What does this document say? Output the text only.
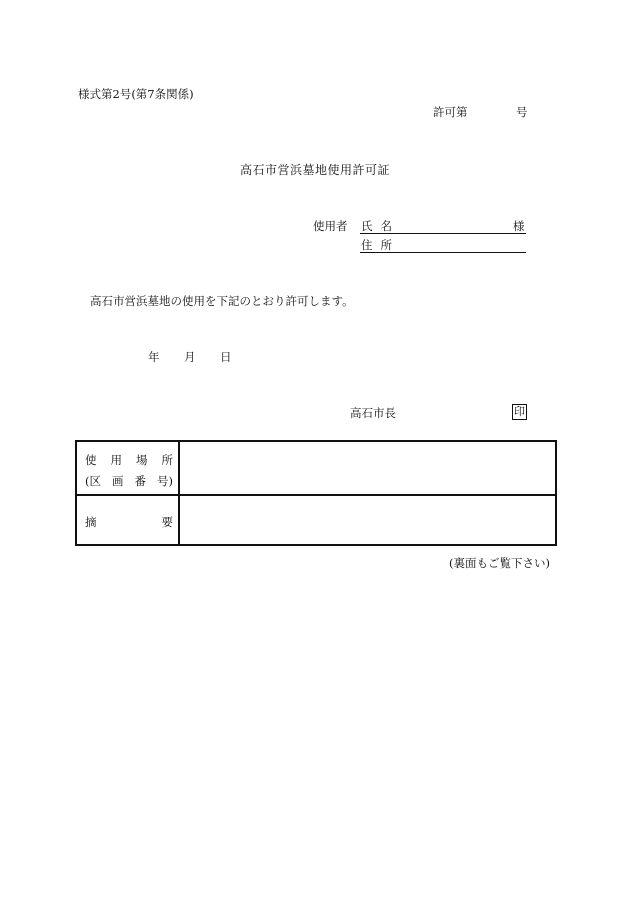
様式第2号(第7条関係)
許可第	号
高石市営浜墓地使用許可証
使用者 氏名
住所
様
高石市営浜墓地の使用を下記のとおり許可します。
年 月 日
高石市長	印
使 用 場 所
(区 画 番 号)
摘	要
(裏面もご覧下さい)
